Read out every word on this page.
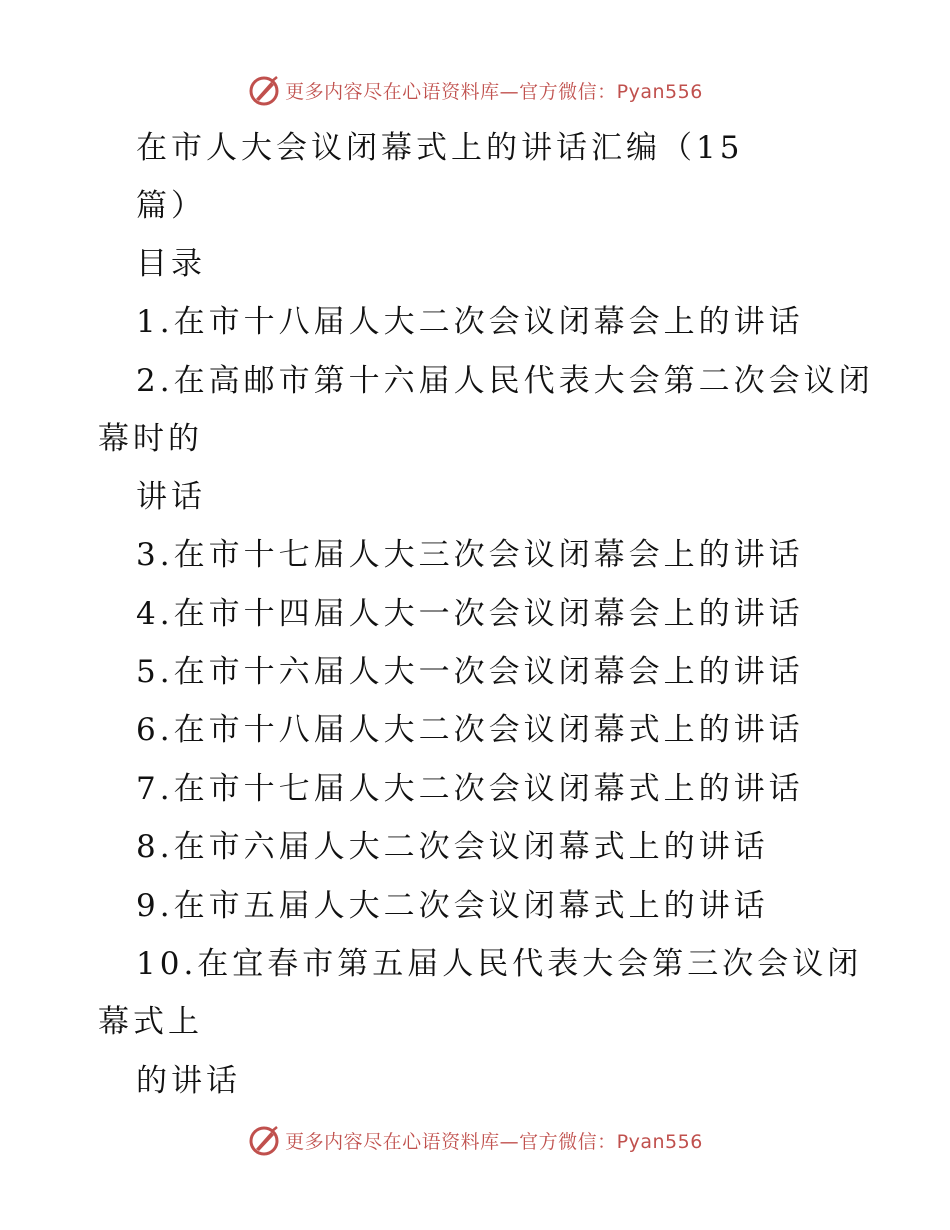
更多内容尽在心语资料库—官方微信：Pyan556
在市人大会议闭幕式上的讲话汇编（15
篇）
目录
1.在市十八届人大二次会议闭幕会上的讲话
2.在高邮市第十六届人民代表大会第二次会议闭
幕时的
讲话
3.在市十七届人大三次会议闭幕会上的讲话
4.在市十四届人大一次会议闭幕会上的讲话
5.在市十六届人大一次会议闭幕会上的讲话
6.在市十八届人大二次会议闭幕式上的讲话
7.在市十七届人大二次会议闭幕式上的讲话
8.在市六届人大二次会议闭幕式上的讲话
9.在市五届人大二次会议闭幕式上的讲话
10.在宜春市第五届人民代表大会第三次会议闭
幕式上
的讲话
更多内容尽在心语资料库—官方微信：Pyan556
